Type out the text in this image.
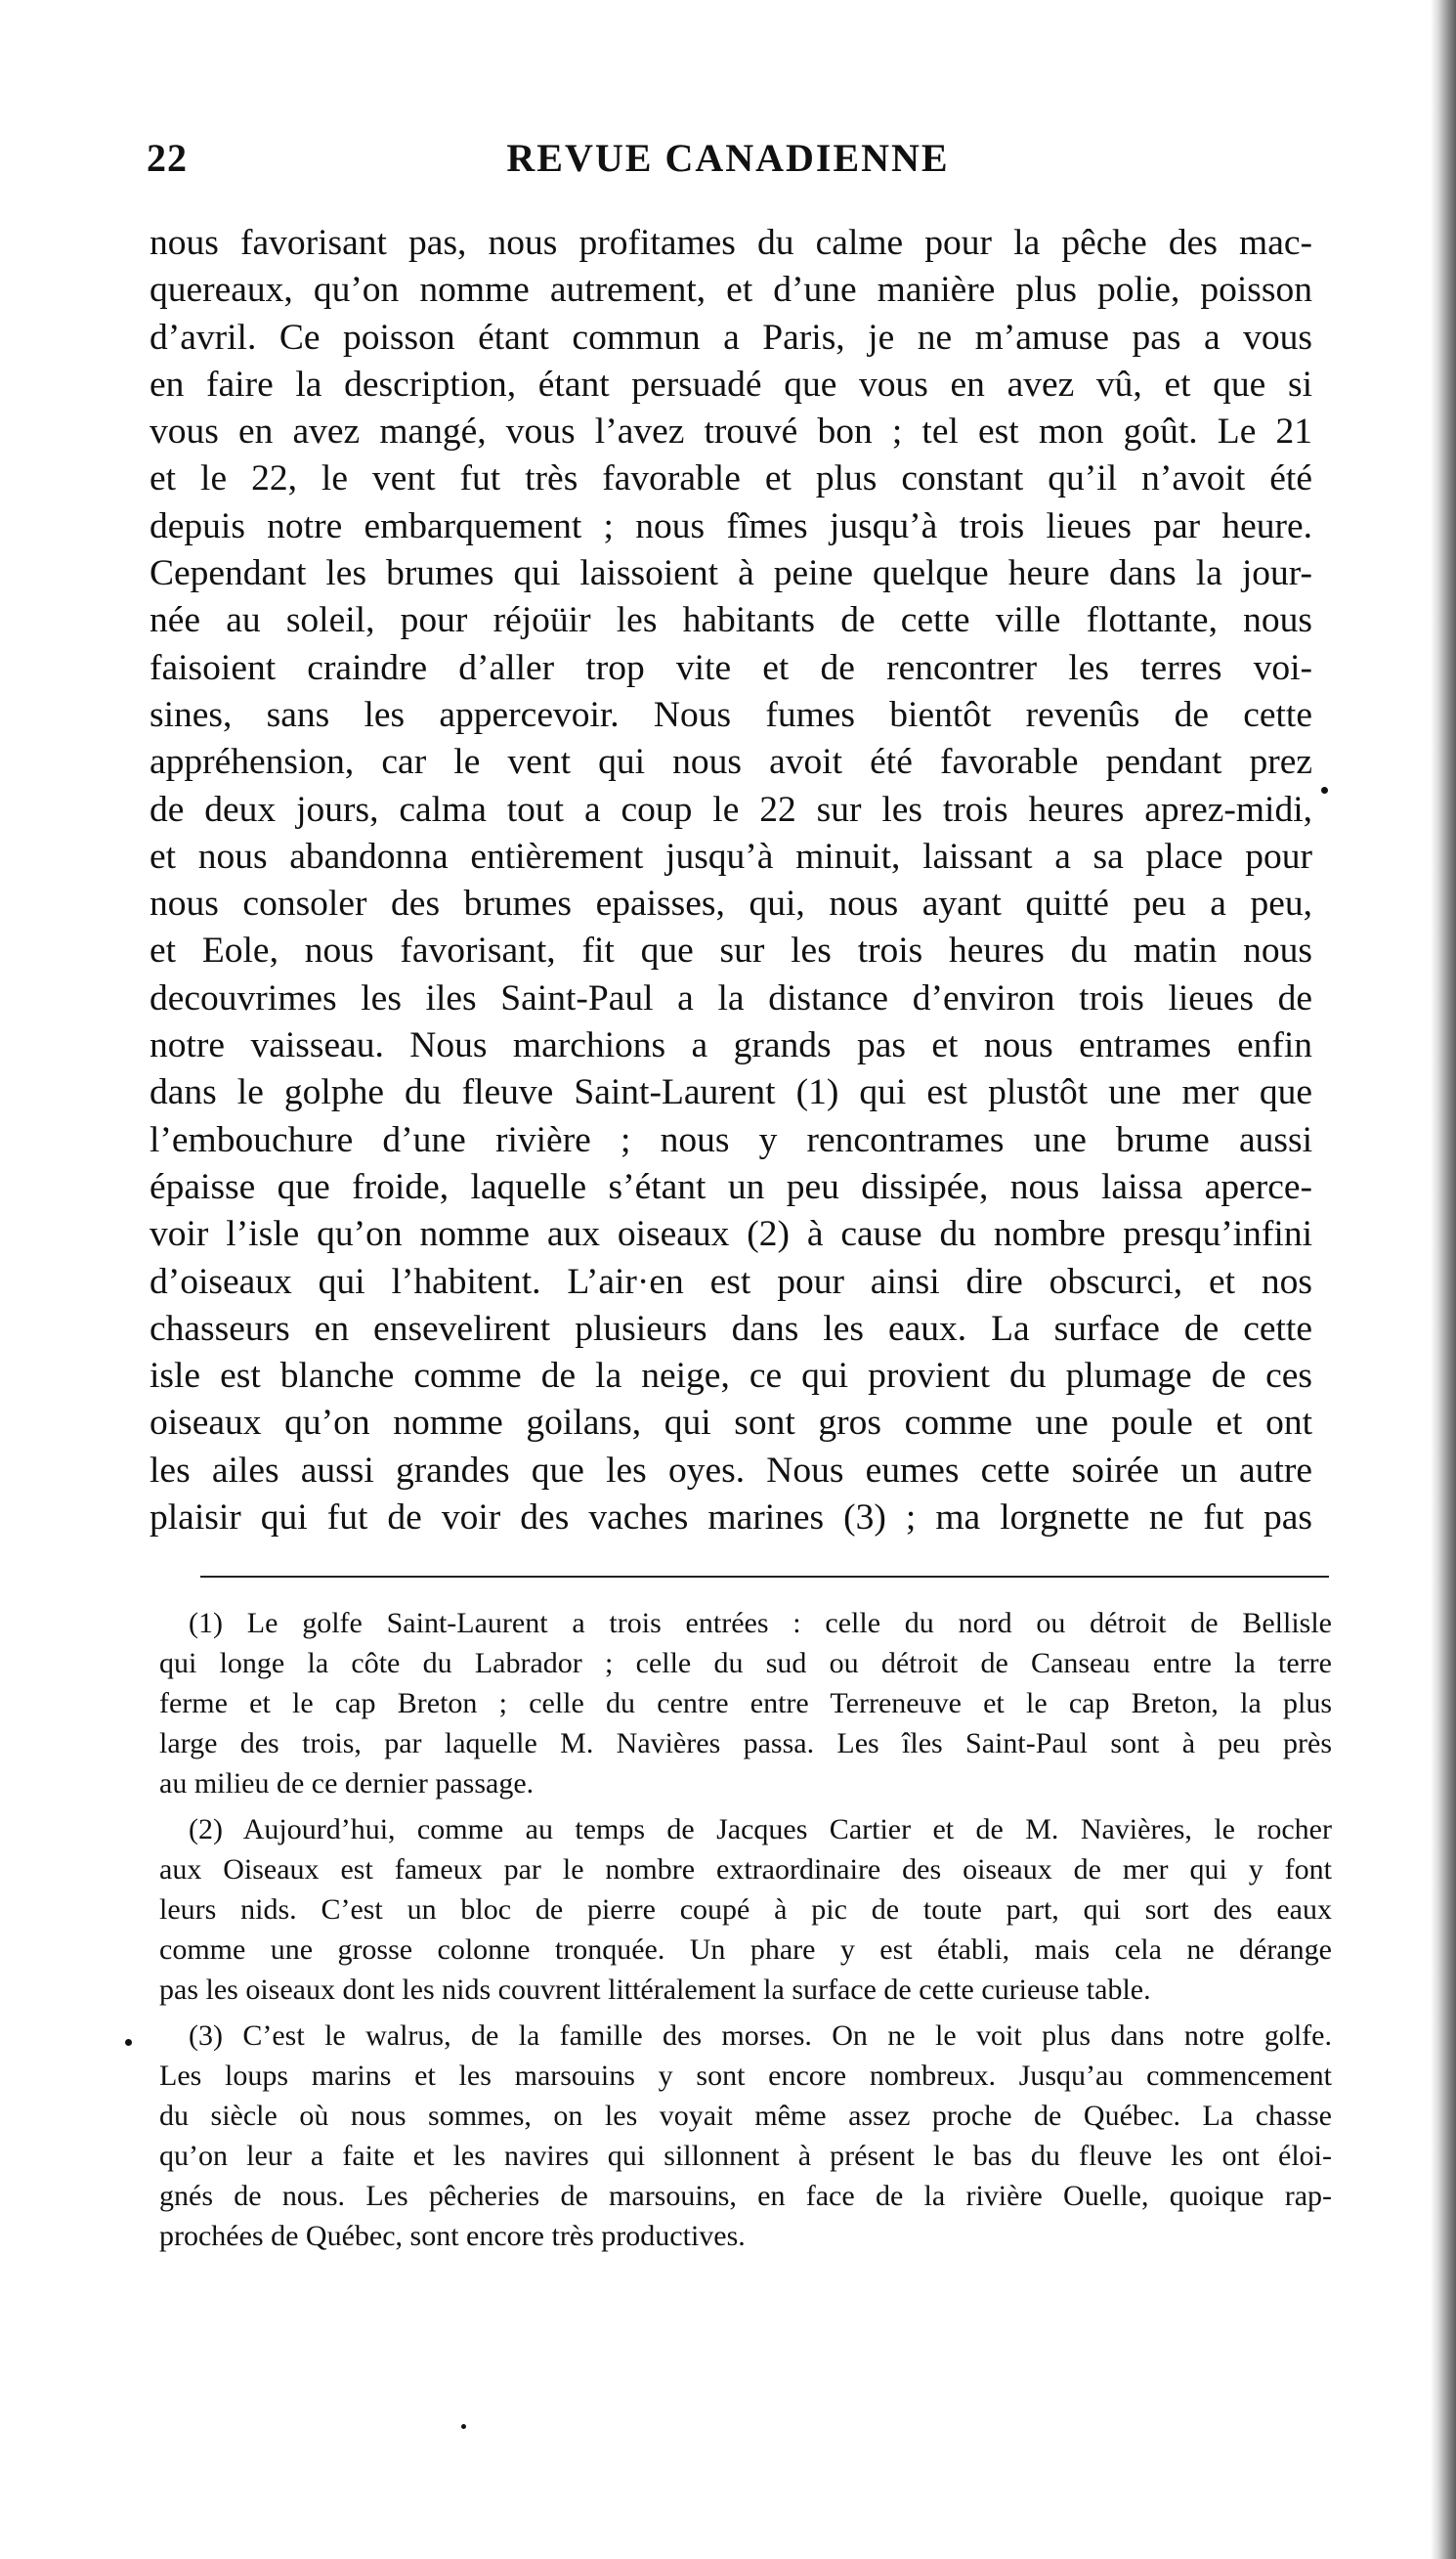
22	REVUE CANADIENNE
nous favorisant pas, nous profitames du calme pour la pêche des mac-
quereaux, qu’on nomme autrement, et d’une manière plus polie, poisson
d’avril. Ce poisson étant commun a Paris, je ne m’amuse pas a vous
en faire la description, étant persuadé que vous en avez vû, et que si
vous en avez mangé, vous l’avez trouvé bon ; tel est mon goût. Le 21
et le 22, le vent fut très favorable et plus constant qu’il n’avoit été
depuis notre embarquement ; nous fîmes jusqu’à trois lieues par heure.
Cependant les brumes qui laissoient à peine quelque heure dans la jour-
née au soleil, pour réjoüir les habitants de cette ville flottante, nous
faisoient craindre d’aller trop vite et de rencontrer les terres voi-
sines, sans les appercevoir. Nous fumes bientôt revenûs de cette
appréhension, car le vent qui nous avoit été favorable pendant prez
de deux jours, calma tout a coup le 22 sur les trois heures aprez-midi,
et nous abandonna entièrement jusqu’à minuit, laissant a sa place pour
nous consoler des brumes epaisses, qui, nous ayant quitté peu a peu,
et Eole, nous favorisant, fit que sur les trois heures du matin nous
decouvrimes les iles Saint-Paul a la distance d’environ trois lieues de
notre vaisseau. Nous marchions a grands pas et nous entrames enfin
dans le golphe du fleuve Saint-Laurent (1) qui est plustôt une mer que
l’embouchure d’une rivière ; nous y rencontrames une brume aussi
épaisse que froide, laquelle s’étant un peu dissipée, nous laissa aperce-
voir l’isle qu’on nomme aux oiseaux (2) à cause du nombre presqu’infini
d’oiseaux qui l’habitent. L’air·en est pour ainsi dire obscurci, et nos
chasseurs en ensevelirent plusieurs dans les eaux. La surface de cette
isle est blanche comme de la neige, ce qui provient du plumage de ces
oiseaux qu’on nomme goilans, qui sont gros comme une poule et ont
les ailes aussi grandes que les oyes. Nous eumes cette soirée un autre
plaisir qui fut de voir des vaches marines (3) ; ma lorgnette ne fut pas
(1) Le golfe Saint-Laurent a trois entrées : celle du nord ou détroit de Bellisle
qui longe la côte du Labrador ; celle du sud ou détroit de Canseau entre la terre
ferme et le cap Breton ; celle du centre entre Terreneuve et le cap Breton, la plus
large des trois, par laquelle M. Navières passa. Les îles Saint-Paul sont à peu près
au milieu de ce dernier passage.
(2) Aujourd’hui, comme au temps de Jacques Cartier et de M. Navières, le rocher
aux Oiseaux est fameux par le nombre extraordinaire des oiseaux de mer qui y font
leurs nids. C’est un bloc de pierre coupé à pic de toute part, qui sort des eaux
comme une grosse colonne tronquée. Un phare y est établi, mais cela ne dérange
pas les oiseaux dont les nids couvrent littéralement la surface de cette curieuse table.
(3) C’est le walrus, de la famille des morses. On ne le voit plus dans notre golfe.
Les loups marins et les marsouins y sont encore nombreux. Jusqu’au commencement
du siècle où nous sommes, on les voyait même assez proche de Québec. La chasse
qu’on leur a faite et les navires qui sillonnent à présent le bas du fleuve les ont éloi-
gnés de nous. Les pêcheries de marsouins, en face de la rivière Ouelle, quoique rap-
prochées de Québec, sont encore très productives.
